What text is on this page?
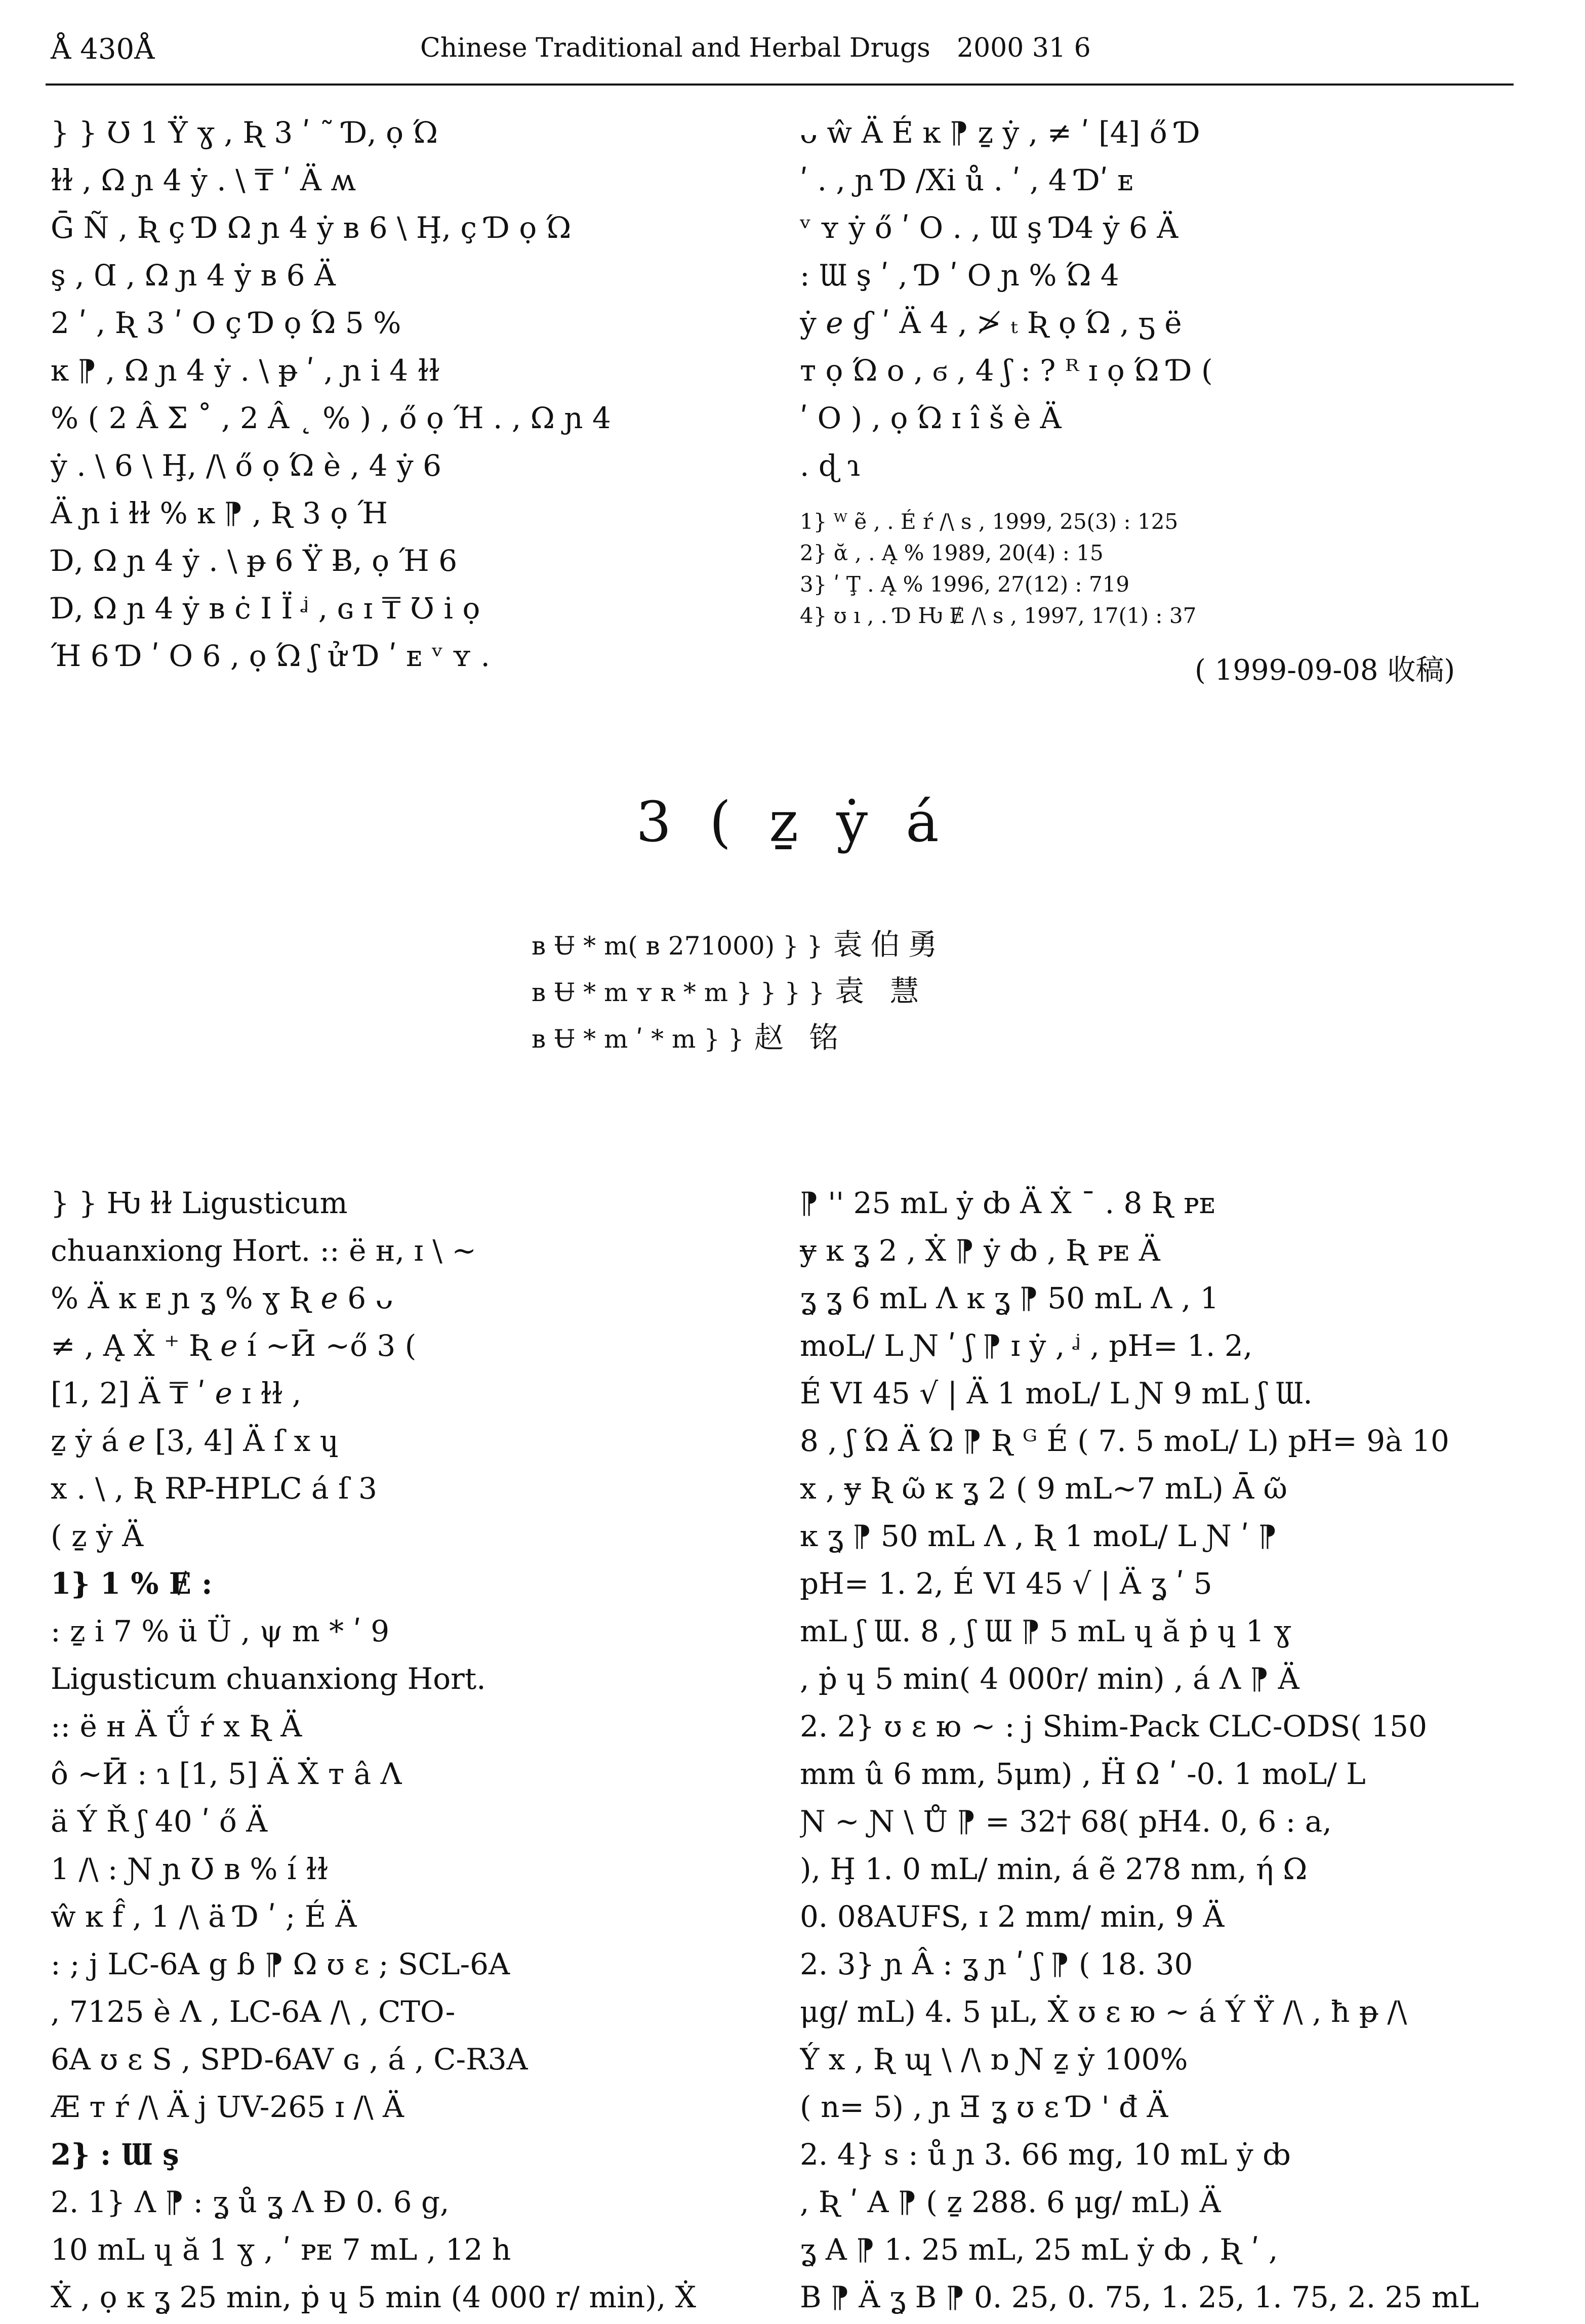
Å 430Å	Chinese Traditional and Herbal Drugs 2000 31 6
} } Ʊ 1 Ÿ ɣ , Ʀ 3 ʹ ˜ Ɗ, ọ Ώ
ɫɫ , Ω ɲ 4 ẏ . \ ₸ ʹ Ä ʍ
Ḡ Ñ , Ʀ ç Ɗ Ω ɲ 4 ẏ ʙ 6 \ Ḩ, ç Ɗ ọ Ώ
ş , Ɑ , Ω ɲ 4 ẏ ʙ 6 Ä
2 ʹ , Ʀ 3 ʹ O ç Ɗ ọ Ώ 5 %
ĸ ⁋ , Ω ɲ 4 ẏ . \ ᵽ ʹ , ɲ i 4 ɫɫ
% ( 2 Â Σ ˚ , 2 Â ˛ % ) , ő ọ Ή . , Ω ɲ 4
ẏ . \ 6 \ Ḩ, /\ ő ọ Ώ è , 4 ẏ 6
Ä ɲ i ɫɫ % ĸ ⁋ , Ʀ 3 ọ Ή
Ɗ, Ω ɲ 4 ẏ . \ ᵽ 6 Ϋ Ƀ, ọ Ή 6
Ɗ, Ω ɲ 4 ẏ ʙ ċ Ӏ Ï ᶨ , ɢ ɪ ₸ Ʊ i ọ
Ή 6 Ɗ ʹ O 6 , ọ Ώ ʃ ử Ɗ ʹ ᴇ ᵛ ʏ .
ᴗ ŵ Ä É ĸ ⁋ ẕ ẏ , ≠ ʹ [4] ő Ɗ
ʹ . , ɲ Ɗ /Xi ů . ʹ , 4 Ɗʹ ᴇ
ᵛ ʏ ẏ ő ʹ O . , Ɯ ş Ɗ4 ẏ 6 Ä
: Ɯ ş ʹ , Ɗ ʹ O ɲ % Ώ 4
ẏ ℯ ɠ ʹ Ä 4 , ≯ ₜ Ʀ ọ Ώ , ƽ ë
ᴛ ọ Ώ ᴏ , ϭ , 4 ʃ : ? ᴿ ɪ ọ Ώ Ɗ (
ʹ O ) , ọ Ώ ɪ î š è Ä
. ɖ ɿ
1} ᵂ ẽ , . É ŕ /\ s , 1999, 25(3) : 125
2} ᾰ , . Ą % 1989, 20(4) : 15
3} ʹ Ţ . Ą % 1996, 27(12) : 719
4} ʊ ı , . Ɗ Ƕ Ɇ /\ s , 1997, 17(1) : 37
( 1999-09-08 收稿)
3 ( ẕ ẏ á
ʙ Ʉ * m( ʙ 271000) } } 袁伯勇
ʙ Ʉ * m ʏ ʀ * m } } } } 袁 慧
ʙ Ʉ * m ʹ * m } } 赵 铭
} } Ƕ ɫɫ Ligusticum
chuanxiong Hort. :: ë ʜ, ɪ \ ~
% Ä ĸ ᴇ ɲ ʓ % ɣ Ʀ ℯ 6 ᴗ
≠ , Ą Ẋ ⁺ Ʀ ℯ í ~Ӣ ~ő 3 (
[1, 2] Ä ₸ ʹ ℯ ɪ ɫɫ ,
ẕ ẏ á ℯ [3, 4] Ä ſ x ɥ
x . \ , Ʀ RP-HPLC á ſ 3
( ẕ ẏ Ä
1} 1 % Ɇ :
: ẕ i 7 % ü Ü , ψ m * ʹ 9
Ligusticum chuanxiong Hort.
:: ë ʜ Ä Ǘ ŕ x Ʀ Ä
ô ~Ӣ : ɿ [1, 5] Ä Ẋ ᴛ â Ʌ
ä Ý Ř ʃ 40 ʹ ő Ä
1 /\ : Ɲ ɲ Ʊ ʙ % í ɫɫ
ŵ ĸ f̂ , 1 /\ ä Ɗ ʹ ; É Ä
: ; j LC-6A g ɓ ⁋ Ω ʊ ɛ ; SCL-6A
, 7125 è Ʌ , LC-6A /\ , CTO-
6A ʊ ɛ S , SPD-6AV ɢ , á , C-R3A
Æ ᴛ ŕ /\ Ä j UV-265 ɪ /\ Ä
2} : Ɯ ş
2. 1} Ʌ ⁋ : ʓ ů ʓ Ʌ Ð 0. 6 g,
10 mL ɥ ă 1 ɣ , ʹ ᴘᴇ 7 mL , 12 h
Ẋ , ọ ĸ ʓ 25 min, ṗ ɥ 5 min (4 000 r/ min), Ẋ
⁋ '' 25 mL ẏ ȸ Ä Ẋ ˉ . 8 Ʀ ᴘᴇ
ɏ ĸ ʓ 2 , Ẋ ⁋ ẏ ȸ , Ʀ ᴘᴇ Ä
ʓ ʓ 6 mL Ʌ ĸ ʓ ⁋ 50 mL Ʌ , 1
moL/ L Ɲ ʹ ʃ ⁋ ɪ ẏ , ᶨ , pH= 1. 2,
É VI 45 √ | Ä 1 moL/ L Ɲ 9 mL ʃ Ɯ.
8 , ʃ Ώ Ä Ώ ⁋ Ʀ ᴳ É ( 7. 5 moL/ L) pH= 9à 10
x , ɏ Ʀ ῶ ĸ ʓ 2 ( 9 mL~7 mL) Ā ῶ
ĸ ʓ ⁋ 50 mL Ʌ , Ʀ 1 moL/ L Ɲ ʹ ⁋
pH= 1. 2, É VI 45 √ | Ä ʓ ʹ 5
mL ʃ Ɯ. 8 , ʃ Ɯ ⁋ 5 mL ɥ ă ṗ ɥ 1 ɣ
, ṗ ɥ 5 min( 4 000r/ min) , á Ʌ ⁋ Ä
2. 2} ʊ ɛ ю ~ : j Shim-Pack CLC-ODS( 150
mm û 6 mm, 5μm) , Ḧ Ω ʹ -0. 1 moL/ L
Ɲ ~ Ɲ \ Ů ⁋ = 32† 68( pH4. 0, 6 : a,
), Ḩ 1. 0 mL/ min, á ẽ 278 nm, ή Ω
0. 08AUFS, ɪ 2 mm/ min, 9 Ä
2. 3} ɲ Â : ʓ ɲ ʹ ʃ ⁋ ( 18. 30
μg/ mL) 4. 5 μL, Ẋ ʊ ɛ ю ~ á Ý Ÿ /\ , ħ ᵽ /\
Ý x , Ʀ ɰ \ /\ ɒ Ɲ ẕ ẏ 100%
( n= 5) , ɲ Ǝ ʓ ʊ ɛ Ɗ ' đ Ä
2. 4} s : ů ɲ 3. 66 mg, 10 mL ẏ ȸ
, Ʀ ʹ A ⁋ ( ẕ 288. 6 μg/ mL) Ä
ʓ A ⁋ 1. 25 mL, 25 mL ẏ ȸ , Ʀ ʹ ,
B ⁋ Ä ʓ B ⁋ 0. 25, 0. 75, 1. 25, 1. 75, 2. 25 mL
